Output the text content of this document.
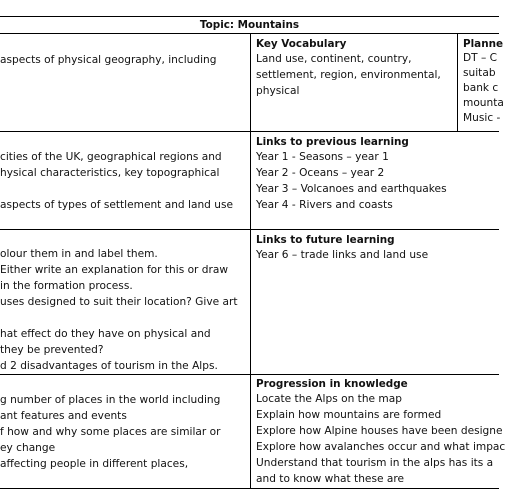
Topic: Mountains
aspects of physical geography, including
Key Vocabulary
Land use, continent, country,
settlement, region, environmental,
physical
Planne
DT – C
suitab
bank c
mounta
Music -
cities of the UK, geographical regions and
hysical characteristics, key topographical

aspects of types of settlement and land use
Links to previous learning
Year 1 - Seasons – year 1
Year 2 - Oceans – year 2
Year 3 – Volcanoes and earthquakes
Year 4 - Rivers and coasts
olour them in and label them.
Either write an explanation for this or draw
in the formation process.
uses designed to suit their location? Give art

hat effect do they have on physical and
they be prevented?
d 2 disadvantages of tourism in the Alps.
Links to future learning
Year 6 – trade links and land use
g number of places in the world including
ant features and events
f how and why some places are similar or
ey change
affecting people in different places,
Progression in knowledge
Locate the Alps on the map
Explain how mountains are formed
Explore how Alpine houses have been designe
Explore how avalanches occur and what impac
Understand that tourism in the alps has its a
and to know what these are
